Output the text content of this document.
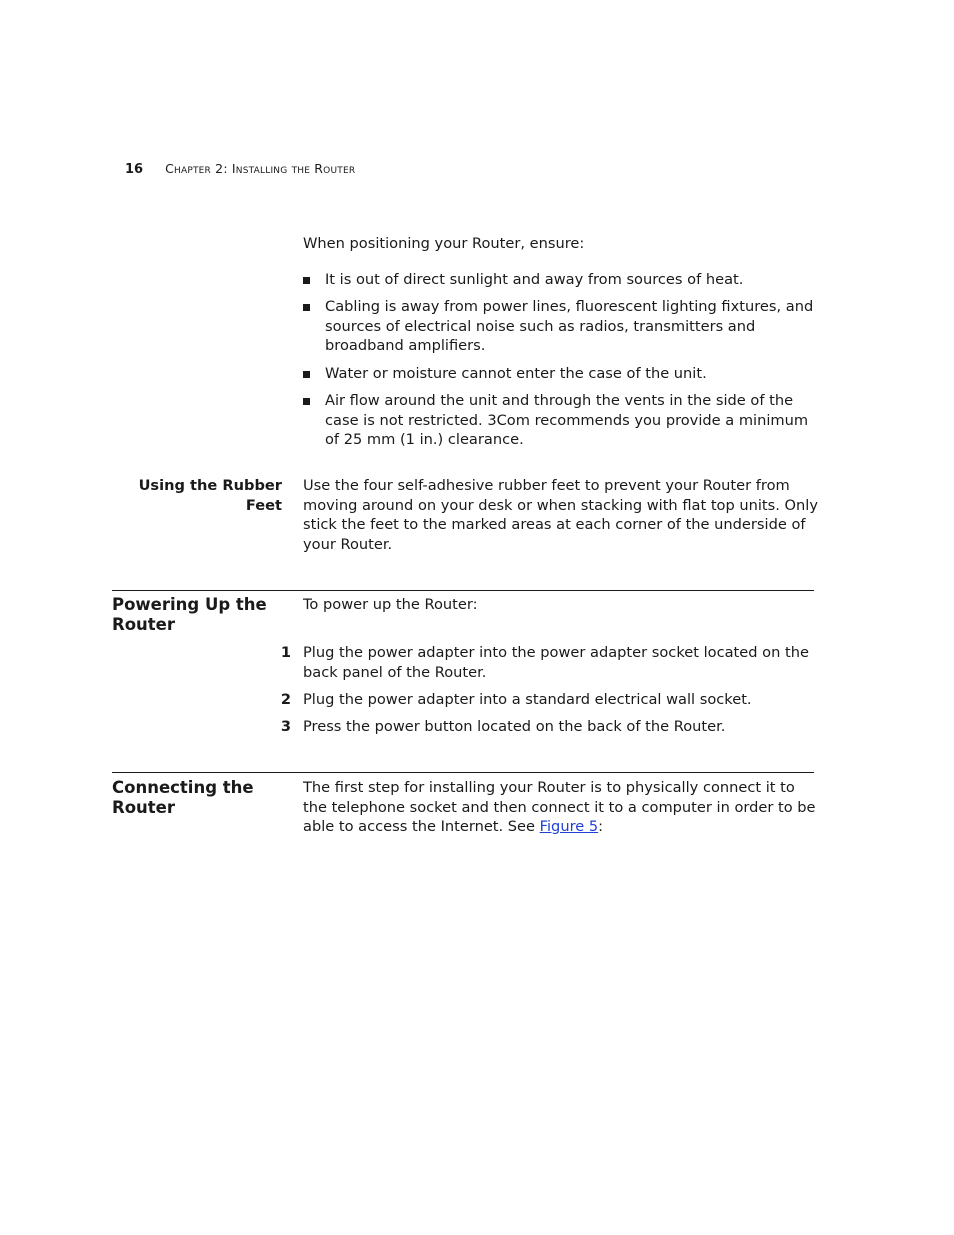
16 Chapter 2: Installing the Router

When positioning your Router, ensure:

It is out of direct sunlight and away from sources of heat.
Cabling is away from power lines, fluorescent lighting fixtures, and sources of electrical noise such as radios, transmitters and broadband amplifiers.
Water or moisture cannot enter the case of the unit.
Air flow around the unit and through the vents in the side of the case is not restricted. 3Com recommends you provide a minimum of 25 mm (1 in.) clearance.
Using the Rubber
Feet

Use the four self-adhesive rubber feet to prevent your Router from moving around on your desk or when stacking with flat top units. Only stick the feet to the marked areas at each corner of the underside of your Router.

Powering Up the
Router

To power up the Router:

1 Plug the power adapter into the power adapter socket located on the back panel of the Router.
2 Plug the power adapter into a standard electrical wall socket.
3 Press the power button located on the back of the Router.
Connecting the
Router

The first step for installing your Router is to physically connect it to the telephone socket and then connect it to a computer in order to be able to access the Internet. See Figure 5:
